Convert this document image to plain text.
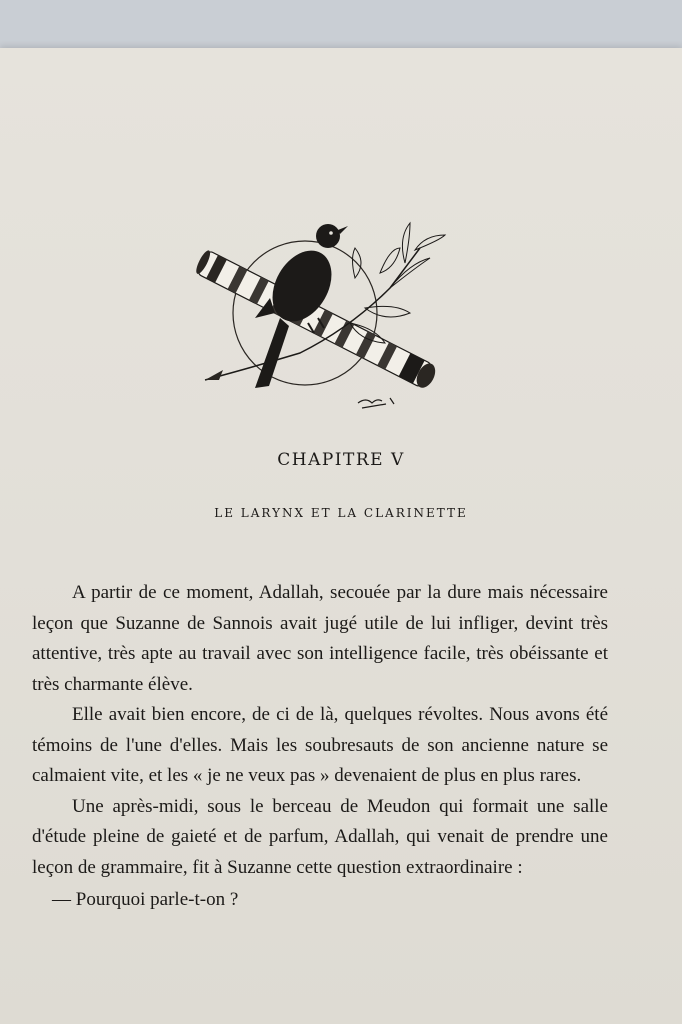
CHAPITRE V
LE LARYNX ET LA CLARINETTE

A partir de ce moment, Adallah, secouée par la dure mais nécessaire leçon que Suzanne de Sannois avait jugé utile de lui infliger, devint très attentive, très apte au travail avec son intelligence facile, très obéissante et très charmante élève.

Elle avait bien encore, de ci de là, quelques révoltes. Nous avons été témoins de l'une d'elles. Mais les soubresauts de son ancienne nature se calmaient vite, et les « je ne veux pas » devenaient de plus en plus rares.

Une après-midi, sous le berceau de Meudon qui formait une salle d'étude pleine de gaieté et de parfum, Adallah, qui venait de prendre une leçon de grammaire, fit à Suzanne cette question extraordinaire :

— Pourquoi parle-t-on ?
